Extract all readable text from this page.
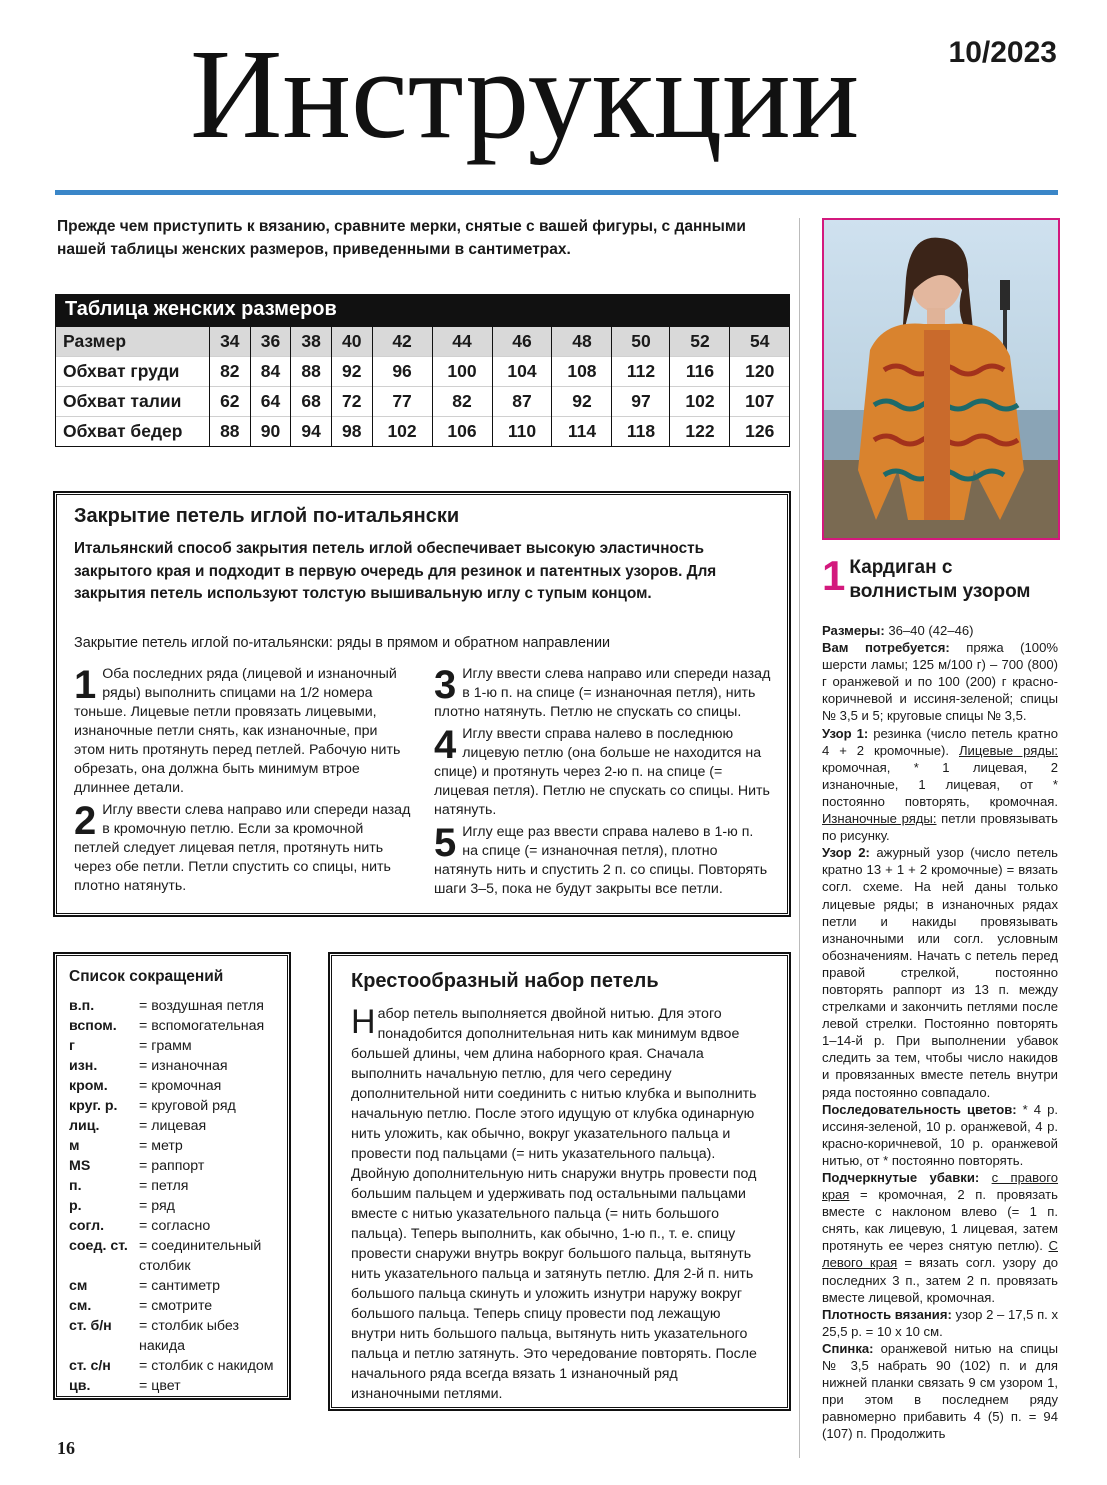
Инструкции	10/2023
Прежде чем приступить к вязанию, сравните мерки, снятые с вашей фигуры, с данными нашей таблицы женских размеров, приведенными в сантиметрах.
Таблица женских размеров
Размер	34	36	38	40	42	44	46	48	50	52	54
Обхват груди	82	84	88	92	96	100	104	108	112	116	120
Обхват талии	62	64	68	72	77	82	87	92	97	102	107
Обхват бедер	88	90	94	98	102	106	110	114	118	122	126
Закрытие петель иглой по-итальянски
Итальянский способ закрытия петель иглой обеспечивает высокую эластичность закрытого края и подходит в первую очередь для резинок и патентных узоров. Для закрытия петель используют толстую вышивальную иглу с тупым концом.
Закрытие петель иглой по-итальянски: ряды в прямом и обратном направлении
1 Оба последних ряда (лицевой и изнаночный ряды) выполнить спицами на 1/2 номера тоньше. Лицевые петли провязать лицевыми, изнаночные петли снять, как изнаночные, при этом нить протянуть перед петлей. Рабочую нить обрезать, она должна быть минимум втрое длиннее детали.
2 Иглу ввести слева направо или спереди назад в кромочную петлю. Если за кромочной петлей следует лицевая петля, протянуть нить через обе петли. Петли спустить со спицы, нить плотно натянуть.
3 Иглу ввести слева направо или спереди назад в 1-ю п. на спице (= изнаночная петля), нить плотно натянуть. Петлю не спускать со спицы.
4 Иглу ввести справа налево в последнюю лицевую петлю (она больше не находится на спице) и протянуть через 2-ю п. на спице (= лицевая петля). Петлю не спускать со спицы. Нить натянуть.
5 Иглу еще раз ввести справа налево в 1-ю п. на спице (= изнаночная петля), плотно натянуть нить и спустить 2 п. со спицы. Повторять шаги 3–5, пока не будут закрыты все петли.
Список сокращений
в.п.	= воздушная петля
вспом.	= вспомогательная
г	= грамм
изн.	= изнаночная
кром.	= кромочная
круг. р.	= круговой ряд
лиц.	= лицевая
м	= метр
MS	= раппорт
п.	= петля
р.	= ряд
согл.	= согласно
соед. ст. = соединительный столбик
см	= сантиметр
см.	= смотрите
ст. б/н	= столбик ыбез накида
ст. с/н	= столбик с накидом
цв.	= цвет
Крестообразный набор петель
Набор петель выполняется двойной нитью. Для этого понадобится дополнительная нить как минимум вдвое большей длины, чем длина наборного края. Сначала выполнить начальную петлю, для чего середину дополнительной нити соединить с нитью клубка и выполнить начальную петлю. После этого идущую от клубка одинарную нить уложить, как обычно, вокруг указательного пальца и провести под пальцами (= нить указательного пальца). Двойную дополнительную нить снаружи внутрь провести под большим пальцем и удерживать под остальными пальцами вместе с нитью указательного пальца (= нить большого пальца). Теперь выполнить, как обычно, 1-ю п., т. е. спицу провести снаружи внутрь вокруг большого пальца, вытянуть нить указательного пальца и затянуть петлю. Для 2-й п. нить большого пальца скинуть и уложить изнутри наружу вокруг большого пальца. Теперь спицу провести под лежащую внутри нить большого пальца, вытянуть нить указательного пальца и петлю затянуть. Это чередование повторять. После начального ряда всегда вязать 1 изнаночный ряд изнаночными петлями.
1 Кардиган с волнистым узором
Размеры: 36–40 (42–46)
Вам потребуется: пряжа (100% шерсти ламы; 125 м/100 г) – 700 (800) г оранжевой и по 100 (200) г красно-коричневой и иссиня-зеленой; спицы № 3,5 и 5; круговые спицы № 3,5.
Узор 1: резинка (число петель кратно 4 + 2 кромочные). Лицевые ряды: кромочная, * 1 лицевая, 2 изнаночные, 1 лицевая, от * постоянно повторять, кромочная. Изнаночные ряды: петли провязывать по рисунку.
Узор 2: ажурный узор (число петель кратно 13 + 1 + 2 кромочные) = вязать согл. схеме. На ней даны только лицевые ряды; в изнаночных рядах петли и накиды провязывать изнаночными или согл. условным обозначениям. Начать с петель перед правой стрелкой, постоянно повторять раппорт из 13 п. между стрелками и закончить петлями после левой стрелки. Постоянно повторять 1–14-й р. При выполнении убавок следить за тем, чтобы число накидов и провязанных вместе петель внутри ряда постоянно совпадало.
Последовательность цветов: * 4 р. иссиня-зеленой, 10 р. оранжевой, 4 р. красно-коричневой, 10 р. оранжевой нитью, от * постоянно повторять.
Подчеркнутые убавки: с правого края = кромочная, 2 п. провязать вместе с наклоном влево (= 1 п. снять, как лицевую, 1 лицевая, затем протянуть ее через снятую петлю). С левого края = вязать согл. узору до последних 3 п., затем 2 п. провязать вместе лицевой, кромочная.
Плотность вязания: узор 2 – 17,5 п. х 25,5 р. = 10 х 10 см.
Спинка: оранжевой нитью на спицы № 3,5 набрать 90 (102) п. и для нижней планки связать 9 см узором 1, при этом в последнем ряду равномерно прибавить 4 (5) п. = 94 (107) п. Продолжить
16
